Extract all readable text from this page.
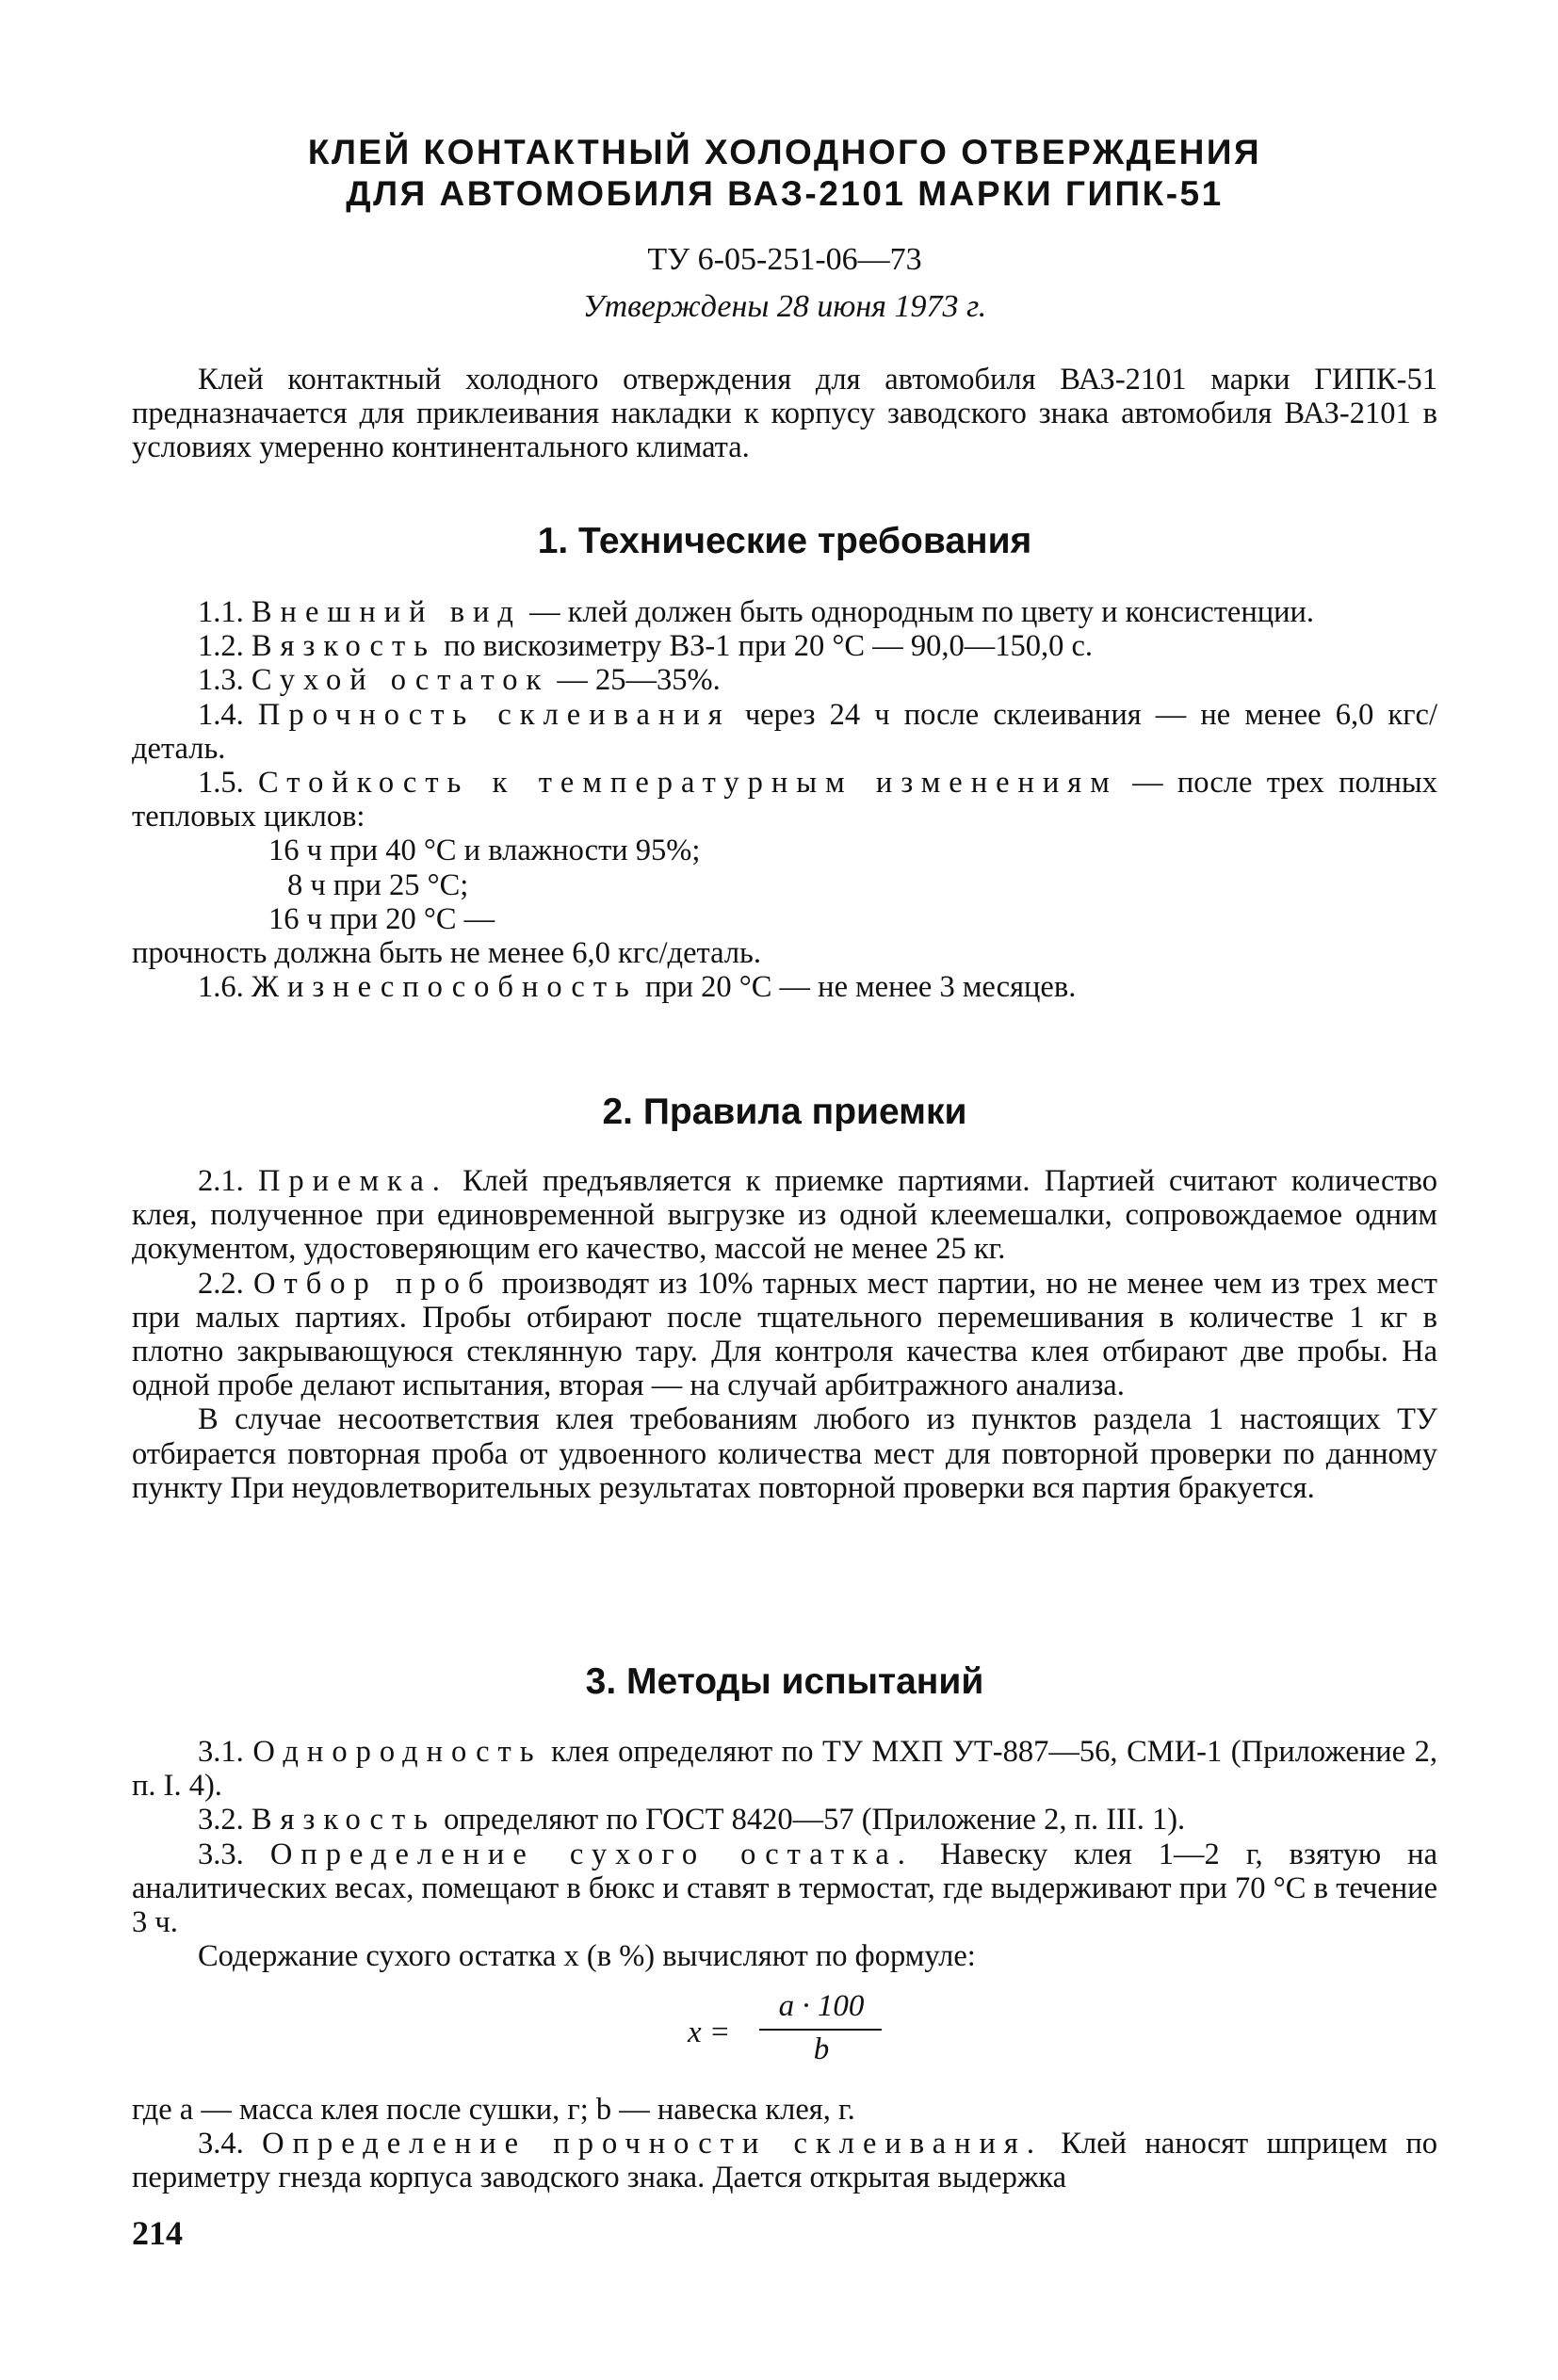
КЛЕЙ КОНТАКТНЫЙ ХОЛОДНОГО ОТВЕРЖДЕНИЯ
ДЛЯ АВТОМОБИЛЯ ВАЗ-2101 МАРКИ ГИПК-51
ТУ 6-05-251-06—73
Утверждены 28 июня 1973 г.

Клей контактный холодного отверждения для автомобиля ВАЗ-2101 марки ГИПК-51 предназначается для приклеивания накладки к корпусу заводского знака автомобиля ВАЗ-2101 в условиях умеренно континентального климата.

1. Технические требования

1.1. Внешний вид — клей должен быть однородным по цвету и консистенции.

1.2. Вязкость по вискозиметру ВЗ-1 при 20 °С — 90,0—150,0 с.

1.3. Сухой остаток — 25—35%.

1.4. Прочность склеивания через 24 ч после склеивания — не менее 6,0 кгс/деталь.

1.5. Стойкость к температурным изменениям — после трех полных тепловых циклов:

16 ч при 40 °С и влажности 95%;

8 ч при 25 °С;

16 ч при 20 °С —

прочность должна быть не менее 6,0 кгс/деталь.

1.6. Жизнеспособность при 20 °С — не менее 3 месяцев.

2. Правила приемки

2.1. Приемка. Клей предъявляется к приемке партиями. Партией считают количество клея, полученное при единовременной выгрузке из одной клеемешалки, сопровождаемое одним документом, удостоверяющим его качество, массой не менее 25 кг.

2.2. Отбор проб производят из 10% тарных мест партии, но не менее чем из трех мест при малых партиях. Пробы отбирают после тщательного перемешивания в количестве 1 кг в плотно закрывающуюся стеклянную тару. Для контроля качества клея отбирают две пробы. На одной пробе делают испытания, вторая — на случай арбитражного анализа.

В случае несоответствия клея требованиям любого из пунктов раздела 1 настоящих ТУ отбирается повторная проба от удвоенного количества мест для повторной проверки по данному пункту При неудовлетворительных результатах повторной проверки вся партия бракуется.

3. Методы испытаний

3.1. Однородность клея определяют по ТУ МХП УТ-887—56, СМИ-1 (Приложение 2, п. I. 4).

3.2. Вязкость определяют по ГОСТ 8420—57 (Приложение 2, п. III. 1).

3.3. Определение сухого остатка. Навеску клея 1—2 г, взятую на аналитических весах, помещают в бюкс и ставят в термостат, где выдерживают при 70 °С в течение 3 ч.

Содержание сухого остатка x (в %) вычисляют по формуле:

x =
a · 100
b

где a — масса клея после сушки, г; b — навеска клея, г.

3.4. Определение прочности склеивания. Клей наносят шприцем по периметру гнезда корпуса заводского знака. Дается открытая выдержка

214
